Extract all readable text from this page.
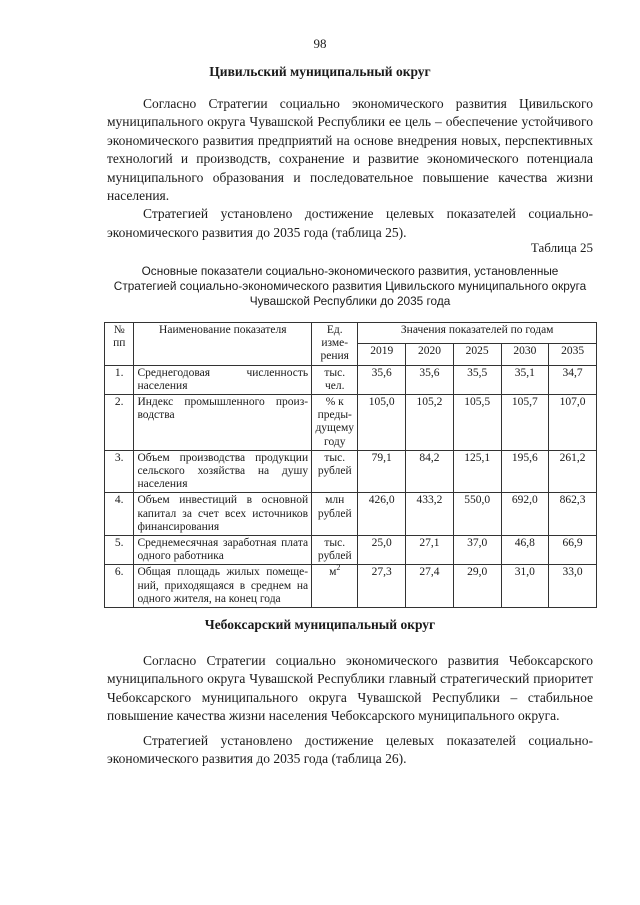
98
Цивильский муниципальный округ

Согласно Стратегии социально экономического развития Цивильского муниципального округа Чувашской Республики ее цель – обеспечение устойчивого экономического развития предприятий на основе внедрения новых, перспективных технологий и производств, сохранение и развитие экономического потенциала муниципального образования и последовательное повышение качества жизни населения.

Стратегией установлено достижение целевых показателей социально-экономического развития до 2035 года (таблица 25).

Таблица 25
Основные показатели социально-экономического развития, установленные
Стратегией социально-экономического развития Цивильского муниципального округа
Чувашской Республики до 2035 года
№ пп	Наименование показателя	Ед. измерения	Значения показателей по годам				
			2019	2020	2025	2030	2035
1.	Среднегодовая численность населения	тыс. чел.	35,6	35,6	35,5	35,1	34,7
2.	Индекс промышленного производства	% к предыдущему году	105,0	105,2	105,5	105,7	107,0
3.	Объем производства продукции сельского хозяйства на душу населения	тыс. рублей	79,1	84,2	125,1	195,6	261,2
4.	Объем инвестиций в основной капитал за счет всех источников финансирования	млн рублей	426,0	433,2	550,0	692,0	862,3
5.	Среднемесячная заработная плата одного работника	тыс. рублей	25,0	27,1	37,0	46,8	66,9
6.	Общая площадь жилых помещений, приходящаяся в среднем на одного жителя, на конец года	$м^2$	27,3	27,4	29,0	31,0	33,0
Чебоксарский муниципальный округ

Согласно Стратегии социально экономического развития Чебоксарского муниципального округа Чувашской Республики главный стратегический приоритет Чебоксарского муниципального округа Чувашской Республики – стабильное повышение качества жизни населения Чебоксарского муниципального округа.

Стратегией установлено достижение целевых показателей социально-экономического развития до 2035 года (таблица 26).
